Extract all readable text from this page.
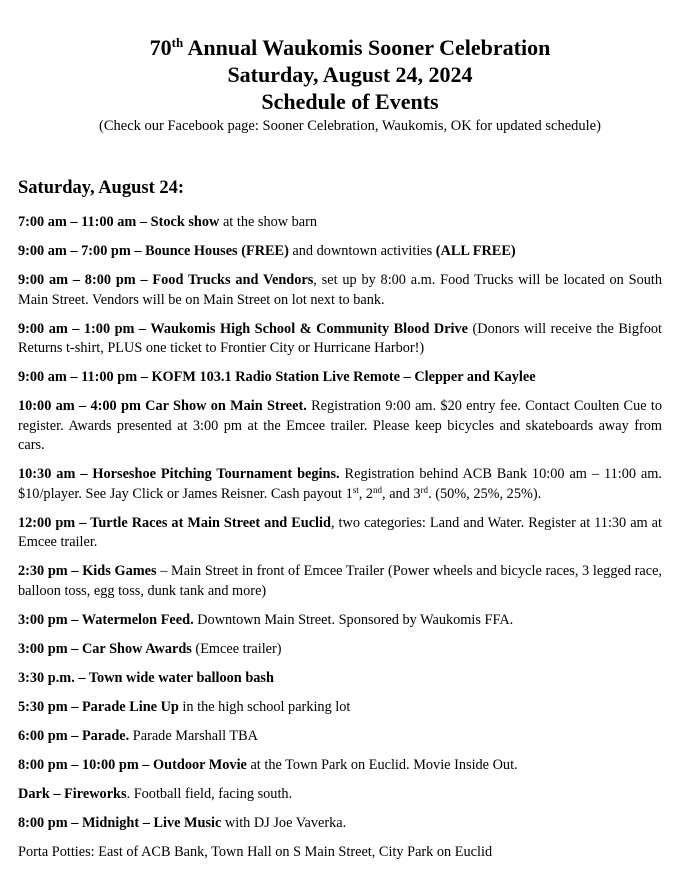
70th Annual Waukomis Sooner Celebration

Saturday, August 24, 2024

Schedule of Events

(Check our Facebook page: Sooner Celebration, Waukomis, OK for updated schedule)

Saturday, August 24:

7:00 am – 11:00 am – Stock show at the show barn

9:00 am – 7:00 pm – Bounce Houses (FREE) and downtown activities (ALL FREE)

9:00 am – 8:00 pm – Food Trucks and Vendors, set up by 8:00 a.m. Food Trucks will be located on South Main Street. Vendors will be on Main Street on lot next to bank.

9:00 am – 1:00 pm – Waukomis High School & Community Blood Drive (Donors will receive the Bigfoot Returns t-shirt, PLUS one ticket to Frontier City or Hurricane Harbor!)

9:00 am – 11:00 pm – KOFM 103.1 Radio Station Live Remote – Clepper and Kaylee

10:00 am – 4:00 pm Car Show on Main Street. Registration 9:00 am. $20 entry fee. Contact Coulten Cue to register. Awards presented at 3:00 pm at the Emcee trailer. Please keep bicycles and skateboards away from cars.

10:30 am – Horseshoe Pitching Tournament begins. Registration behind ACB Bank 10:00 am – 11:00 am. $10/player. See Jay Click or James Reisner. Cash payout 1st, 2nd, and 3rd. (50%, 25%, 25%).

12:00 pm – Turtle Races at Main Street and Euclid, two categories: Land and Water. Register at 11:30 am at Emcee trailer.

2:30 pm – Kids Games – Main Street in front of Emcee Trailer (Power wheels and bicycle races, 3 legged race, balloon toss, egg toss, dunk tank and more)

3:00 pm – Watermelon Feed. Downtown Main Street. Sponsored by Waukomis FFA.

3:00 pm – Car Show Awards (Emcee trailer)

3:30 p.m. – Town wide water balloon bash

5:30 pm – Parade Line Up in the high school parking lot

6:00 pm – Parade. Parade Marshall TBA

8:00 pm – 10:00 pm – Outdoor Movie at the Town Park on Euclid. Movie Inside Out.

Dark – Fireworks. Football field, facing south.

8:00 pm – Midnight – Live Music with DJ Joe Vaverka.

Porta Potties: East of ACB Bank, Town Hall on S Main Street, City Park on Euclid
